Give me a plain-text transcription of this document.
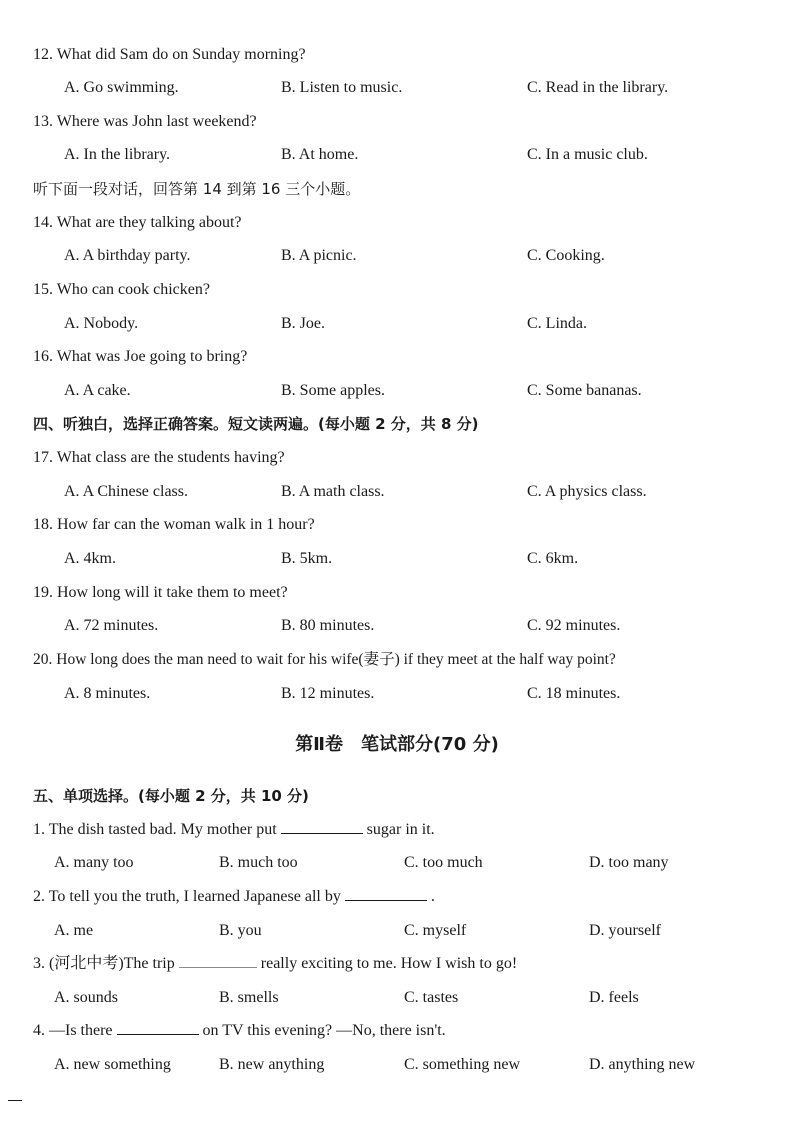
12. What did Sam do on Sunday morning?
A. Go swimming.	B. Listen to music.	C. Read in the library.
13. Where was John last weekend?
A. In the library.	B. At home.	C. In a music club.
听下面一段对话，回答第 14 到第 16 三个小题。
14. What are they talking about?
A. A birthday party.	B. A picnic.	C. Cooking.
15. Who can cook chicken?
A. Nobody.	B. Joe.	C. Linda.
16. What was Joe going to bring?
A. A cake.	B. Some apples.	C. Some bananas.
四、听独白，选择正确答案。短文读两遍。(每小题 2 分，共 8 分)
17. What class are the students having?
A. A Chinese class.	B. A math class.	C. A physics class.
18. How far can the woman walk in 1 hour?
A. 4km.	B. 5km.	C. 6km.
19. How long will it take them to meet?
A. 72 minutes.	B. 80 minutes.	C. 92 minutes.
20. How long does the man need to wait for his wife(妻子) if they meet at the half way point?
A. 8 minutes.	B. 12 minutes.	C. 18 minutes.
第Ⅱ卷　笔试部分(70 分)
五、单项选择。(每小题 2 分，共 10 分)
1. The dish tasted bad. My mother put	sugar in it.
A. many too	B. much too	C. too much	D. too many
2. To tell you the truth, I learned Japanese all by	.
A. me	B. you	C. myself	D. yourself
3. (河北中考)The trip	really exciting to me. How I wish to go!
A. sounds	B. smells	C. tastes	D. feels
4. —Is there	on TV this evening? —No, there isn't.
A. new something	B. new anything	C. something new	D. anything new
